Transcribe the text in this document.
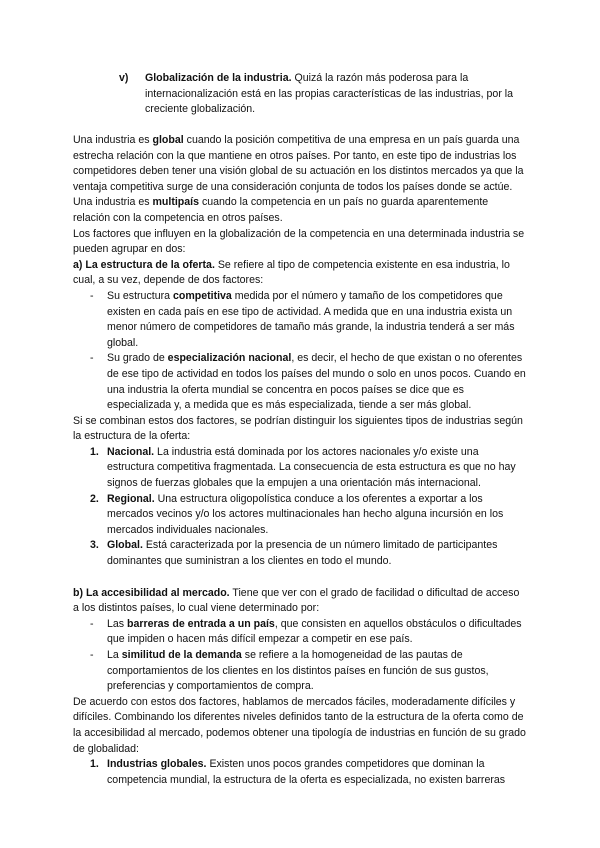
v) Globalización de la industria. Quizá la razón más poderosa para la internacionalización está en las propias características de las industrias, por la creciente globalización.

Una industria es global cuando la posición competitiva de una empresa en un país guarda una estrecha relación con la que mantiene en otros países. Por tanto, en este tipo de industrias los competidores deben tener una visión global de su actuación en los distintos mercados ya que la ventaja competitiva surge de una consideración conjunta de todos los países donde se actúe.

Una industria es multipaís cuando la competencia en un país no guarda aparentemente relación con la competencia en otros países.

Los factores que influyen en la globalización de la competencia en una determinada industria se pueden agrupar en dos:

a) La estructura de la oferta. Se refiere al tipo de competencia existente en esa industria, lo cual, a su vez, depende de dos factores:

- Su estructura competitiva medida por el número y tamaño de los competidores que existen en cada país en ese tipo de actividad. A medida que en una industria exista un menor número de competidores de tamaño más grande, la industria tenderá a ser más global.
- Su grado de especialización nacional, es decir, el hecho de que existan o no oferentes de ese tipo de actividad en todos los países del mundo o solo en unos pocos. Cuando en una industria la oferta mundial se concentra en pocos países se dice que es especializada y, a medida que es más especializada, tiende a ser más global.

Si se combinan estos dos factores, se podrían distinguir los siguientes tipos de industrias según la estructura de la oferta:

1. Nacional. La industria está dominada por los actores nacionales y/o existe una estructura competitiva fragmentada. La consecuencia de esta estructura es que no hay signos de fuerzas globales que la empujen a una orientación más internacional.
2. Regional. Una estructura oligopolística conduce a los oferentes a exportar a los mercados vecinos y/o los actores multinacionales han hecho alguna incursión en los mercados individuales nacionales.
3. Global. Está caracterizada por la presencia de un número limitado de participantes dominantes que suministran a los clientes en todo el mundo.

b) La accesibilidad al mercado. Tiene que ver con el grado de facilidad o dificultad de acceso a los distintos países, lo cual viene determinado por:

- Las barreras de entrada a un país, que consisten en aquellos obstáculos o dificultades que impiden o hacen más difícil empezar a competir en ese país.
- La similitud de la demanda se refiere a la homogeneidad de las pautas de comportamientos de los clientes en los distintos países en función de sus gustos, preferencias y comportamientos de compra.

De acuerdo con estos dos factores, hablamos de mercados fáciles, moderadamente difíciles y difíciles. Combinando los diferentes niveles definidos tanto de la estructura de la oferta como de la accesibilidad al mercado, podemos obtener una tipología de industrias en función de su grado de globalidad:

1. Industrias globales. Existen unos pocos grandes competidores que dominan la competencia mundial, la estructura de la oferta es especializada, no existen barreras
